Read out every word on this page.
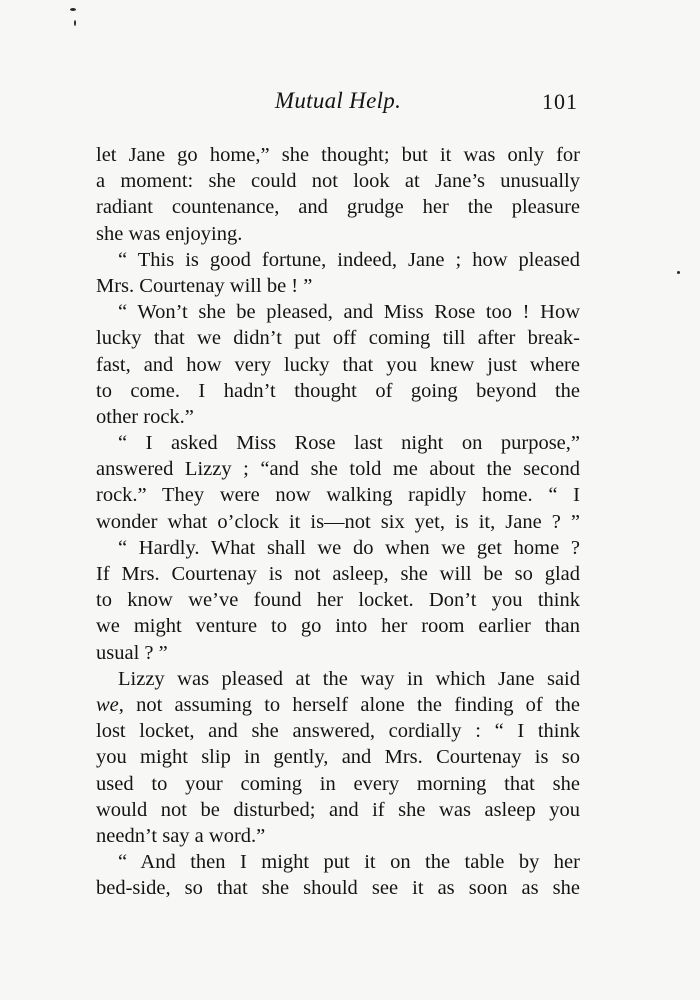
Mutual Help.	101
let Jane go home,” she thought; but it was only for
a moment: she could not look at Jane’s unusually
radiant countenance, and grudge her the pleasure
she was enjoying.
“ This is good fortune, indeed, Jane ; how pleased
Mrs. Courtenay will be ! ”
“ Won’t she be pleased, and Miss Rose too ! How
lucky that we didn’t put off coming till after break-
fast, and how very lucky that you knew just where
to come. I hadn’t thought of going beyond the
other rock.”
“ I asked Miss Rose last night on purpose,”
answered Lizzy ; “and she told me about the second
rock.” They were now walking rapidly home. “ I
wonder what o’clock it is—not six yet, is it, Jane ? ”
“ Hardly. What shall we do when we get home ?
If Mrs. Courtenay is not asleep, she will be so glad
to know we’ve found her locket. Don’t you think
we might venture to go into her room earlier than
usual ? ”
Lizzy was pleased at the way in which Jane said
we, not assuming to herself alone the finding of the
lost locket, and she answered, cordially : “ I think
you might slip in gently, and Mrs. Courtenay is so
used to your coming in every morning that she
would not be disturbed; and if she was asleep you
needn’t say a word.”
“ And then I might put it on the table by her
bed-side, so that she should see it as soon as she
